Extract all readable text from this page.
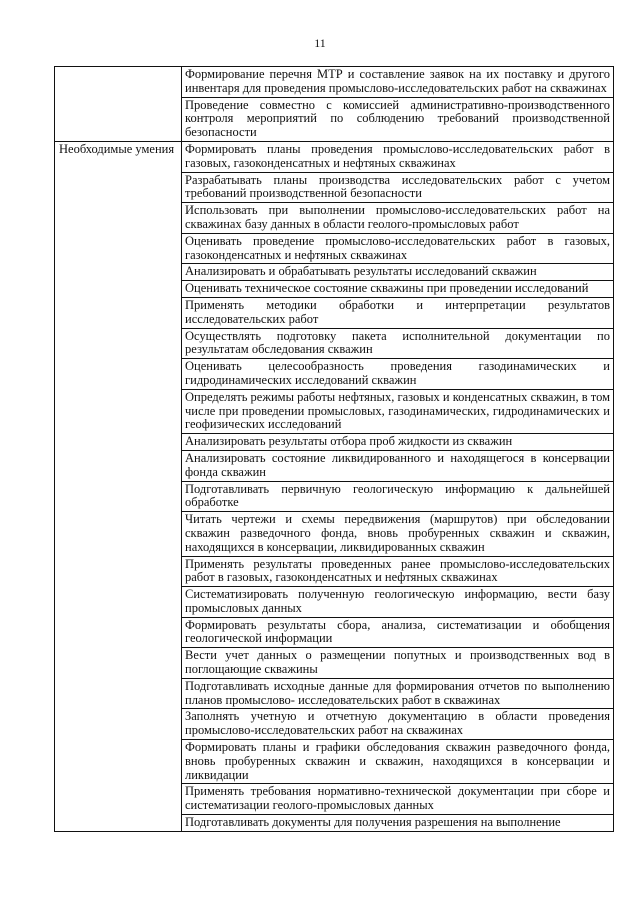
11
	Формирование перечня МТР и составление заявок на их поставку и другого инвентаря для проведения промыслово-исследовательских работ на скважинах
	Проведение совместно с комиссией административно-производственного контроля мероприятий по соблюдению требований производственной безопасности
Необходимые умения	Формировать планы проведения промыслово-исследовательских работ в газовых, газоконденсатных и нефтяных скважинах
	Разрабатывать планы производства исследовательских работ с учетом требований производственной безопасности
	Использовать при выполнении промыслово-исследовательских работ на скважинах базу данных в области геолого-промысловых работ
	Оценивать проведение промыслово-исследовательских работ в газовых, газоконденсатных и нефтяных скважинах
	Анализировать и обрабатывать результаты исследований скважин
	Оценивать техническое состояние скважины при проведении исследований
	Применять методики обработки и интерпретации результатов исследовательских работ
	Осуществлять подготовку пакета исполнительной документации по результатам обследования скважин
	Оценивать целесообразность проведения газодинамических и гидродинамических исследований скважин
	Определять режимы работы нефтяных, газовых и конденсатных скважин, в том числе при проведении промысловых, газодинамических, гидродинамических и геофизических исследований
	Анализировать результаты отбора проб жидкости из скважин
	Анализировать состояние ликвидированного и находящегося в консервации фонда скважин
	Подготавливать первичную геологическую информацию к дальнейшей обработке
	Читать чертежи и схемы передвижения (маршрутов) при обследовании скважин разведочного фонда, вновь пробуренных скважин и скважин, находящихся в консервации, ликвидированных скважин
	Применять результаты проведенных ранее промыслово-исследовательских работ в газовых, газоконденсатных и нефтяных скважинах
	Систематизировать полученную геологическую информацию, вести базу промысловых данных
	Формировать результаты сбора, анализа, систематизации и обобщения геологической информации
	Вести учет данных о размещении попутных и производственных вод в поглощающие скважины
	Подготавливать исходные данные для формирования отчетов по выполнению планов промыслово- исследовательских работ в скважинах
	Заполнять учетную и отчетную документацию в области проведения промыслово-исследовательских работ на скважинах
	Формировать планы и графики обследования скважин разведочного фонда, вновь пробуренных скважин и скважин, находящихся в консервации и ликвидации
	Применять требования нормативно-технической документации при сборе и систематизации геолого-промысловых данных
	Подготавливать документы для получения разрешения на выполнение
